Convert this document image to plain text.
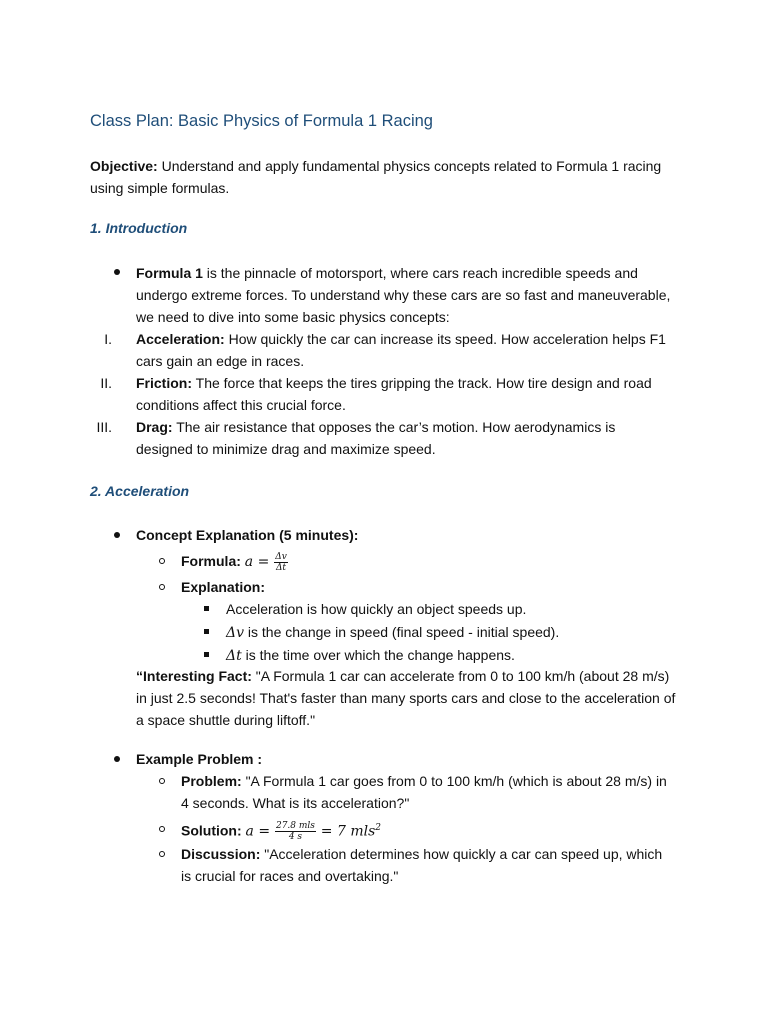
Class Plan: Basic Physics of Formula 1 Racing

Objective: Understand and apply fundamental physics concepts related to Formula 1 racing using simple formulas.

1. Introduction
Formula 1 is the pinnacle of motorsport, where cars reach incredible speeds and undergo extreme forces. To understand why these cars are so fast and maneuverable, we need to dive into some basic physics concepts:
I. Acceleration: How quickly the car can increase its speed. How acceleration helps F1 cars gain an edge in races.
II. Friction: The force that keeps the tires gripping the track. How tire design and road conditions affect this crucial force.
III. Drag: The air resistance that opposes the car’s motion. How aerodynamics is designed to minimize drag and maximize speed.
2. Acceleration
Concept Explanation (5 minutes):
Formula: $a = \frac{\Delta v}{\Delta t}$
Explanation:
Acceleration is how quickly an object speeds up.
Δv is the change in speed (final speed - initial speed).
Δt is the time over which the change happens.
“Interesting Fact: "A Formula 1 car can accelerate from 0 to 100 km/h (about 28 m/s) in just 2.5 seconds! That's faster than many sports cars and close to the acceleration of a space shuttle during liftoff."
Example Problem :
Problem: "A Formula 1 car goes from 0 to 100 km/h (which is about 28 m/s) in 4 seconds. What is its acceleration?"
Solution: $a = \frac{\text{27.8 mls}}{4 s} = 7$ mls$^2$
Discussion: "Acceleration determines how quickly a car can speed up, which is crucial for races and overtaking."
